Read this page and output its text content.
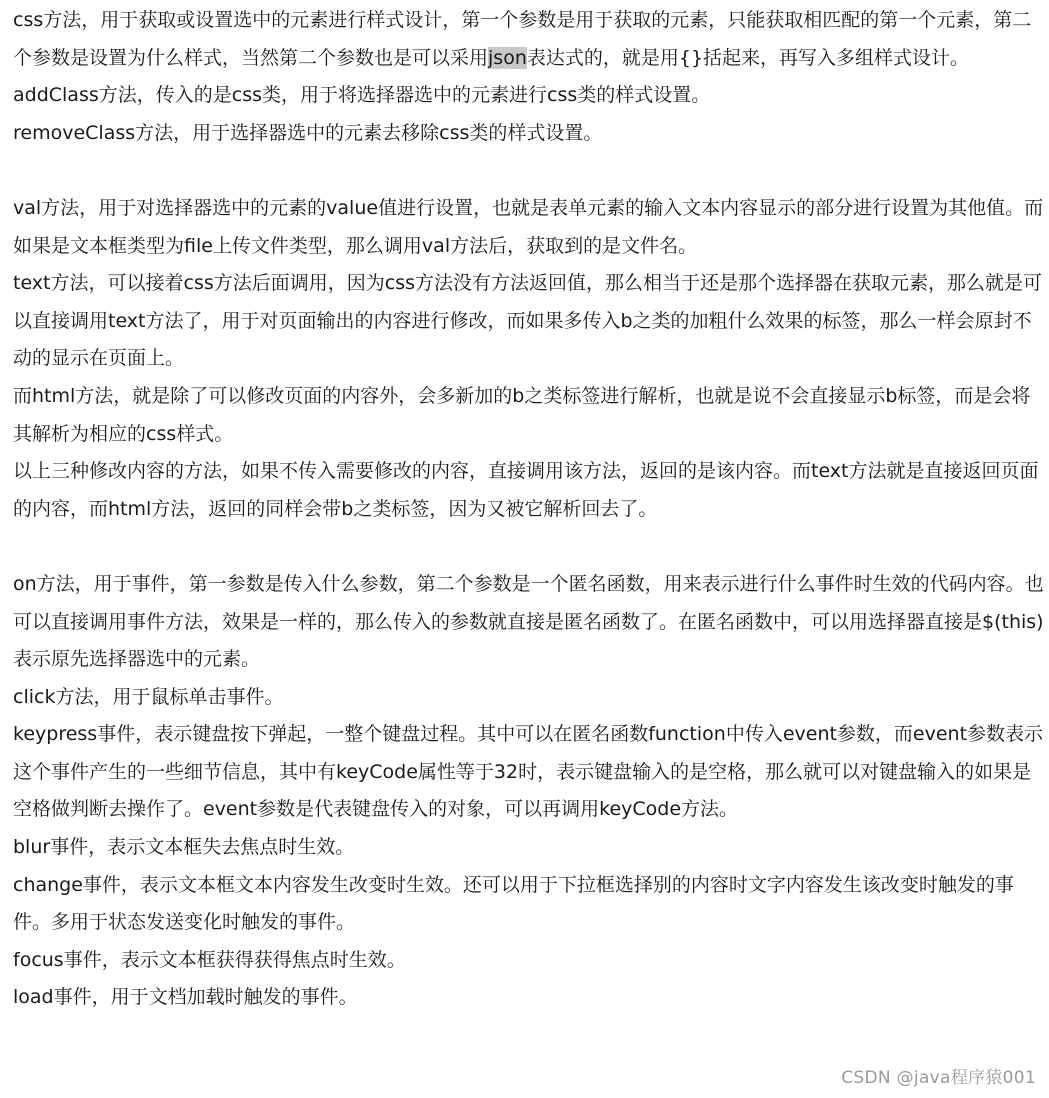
css方法，用于获取或设置选中的元素进行样式设计，第一个参数是用于获取的元素，只能获取相匹配的第一个元素，第二个参数是设置为什么样式，当然第二个参数也是可以采用json表达式的，就是用{}括起来，再写入多组样式设计。

addClass方法，传入的是css类，用于将选择器选中的元素进行css类的样式设置。

removeClass方法，用于选择器选中的元素去移除css类的样式设置。

val方法，用于对选择器选中的元素的value值进行设置，也就是表单元素的输入文本内容显示的部分进行设置为其他值。而如果是文本框类型为file上传文件类型，那么调用val方法后，获取到的是文件名。

text方法，可以接着css方法后面调用，因为css方法没有方法返回值，那么相当于还是那个选择器在获取元素，那么就是可以直接调用text方法了，用于对页面输出的内容进行修改，而如果多传入b之类的加粗什么效果的标签，那么一样会原封不动的显示在页面上。

而html方法，就是除了可以修改页面的内容外，会多新加的b之类标签进行解析，也就是说不会直接显示b标签，而是会将其解析为相应的css样式。

以上三种修改内容的方法，如果不传入需要修改的内容，直接调用该方法，返回的是该内容。而text方法就是直接返回页面的内容，而html方法，返回的同样会带b之类标签，因为又被它解析回去了。

on方法，用于事件，第一参数是传入什么参数，第二个参数是一个匿名函数，用来表示进行什么事件时生效的代码内容。也可以直接调用事件方法，效果是一样的，那么传入的参数就直接是匿名函数了。在匿名函数中，可以用选择器直接是$(this)表示原先选择器选中的元素。

click方法，用于鼠标单击事件。

keypress事件，表示键盘按下弹起，一整个键盘过程。其中可以在匿名函数function中传入event参数，而event参数表示这个事件产生的一些细节信息，其中有keyCode属性等于32时，表示键盘输入的是空格，那么就可以对键盘输入的如果是空格做判断去操作了。event参数是代表键盘传入的对象，可以再调用keyCode方法。

blur事件，表示文本框失去焦点时生效。

change事件，表示文本框文本内容发生改变时生效。还可以用于下拉框选择别的内容时文字内容发生该改变时触发的事件。多用于状态发送变化时触发的事件。

focus事件，表示文本框获得获得焦点时生效。

load事件，用于文档加载时触发的事件。

CSDN @java程序猿001
